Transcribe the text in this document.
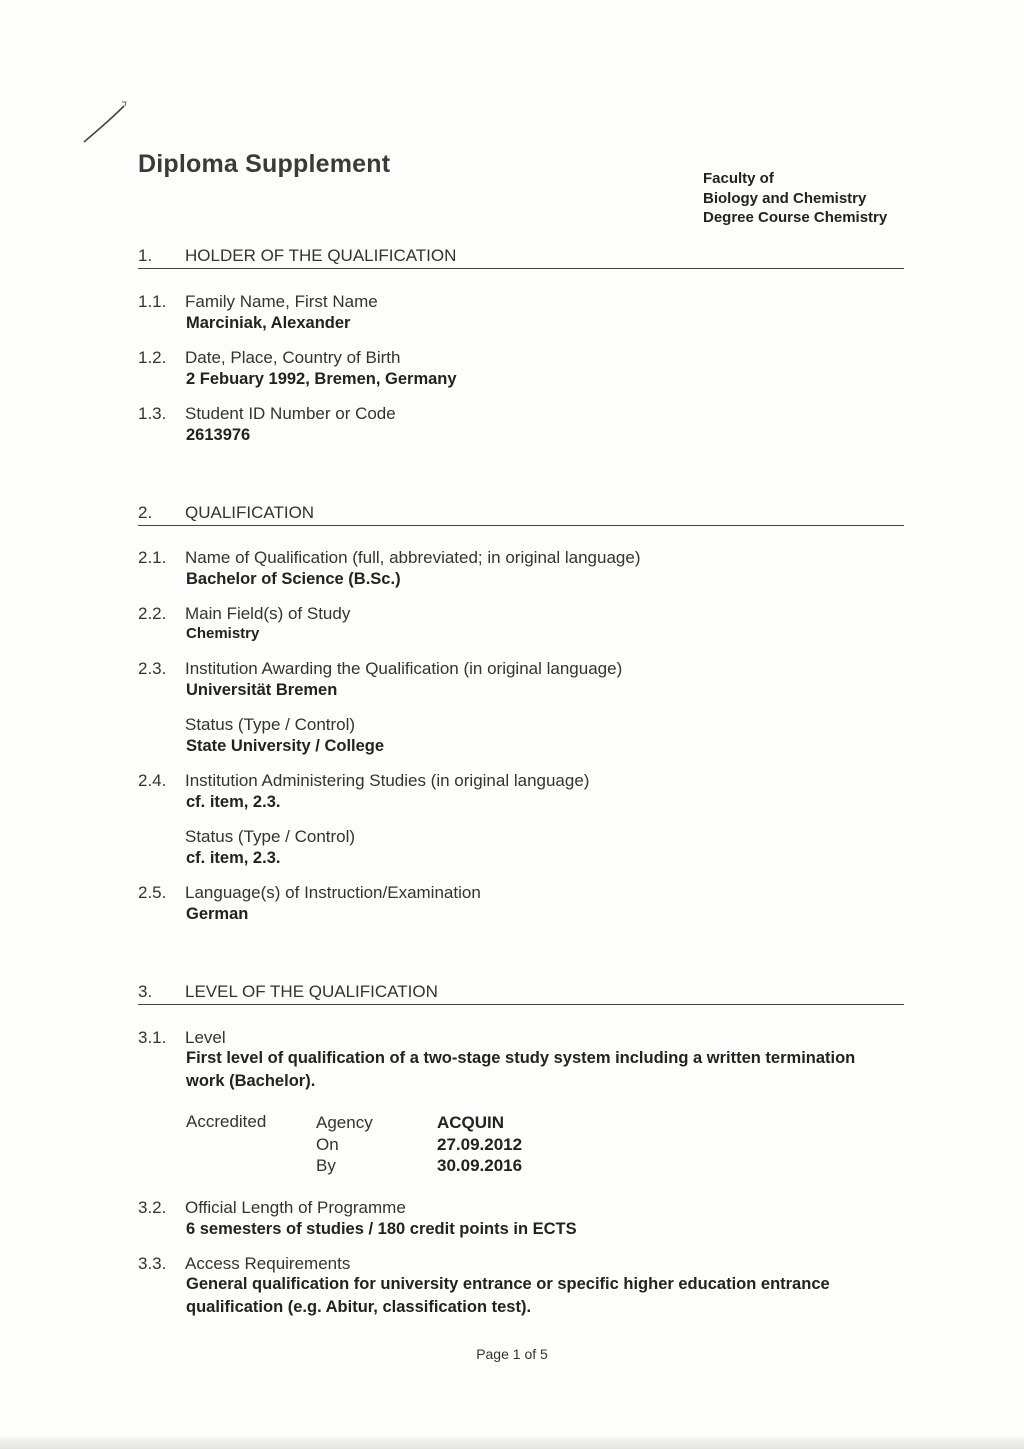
Diploma Supplement
Faculty of
Biology and Chemistry
Degree Course Chemistry
1. HOLDER OF THE QUALIFICATION
1.1. Family Name, First Name
Marciniak, Alexander
1.2. Date, Place, Country of Birth
2 Febuary 1992, Bremen, Germany
1.3. Student ID Number or Code
2613976
2. QUALIFICATION
2.1. Name of Qualification (full, abbreviated; in original language)
Bachelor of Science (B.Sc.)
2.2. Main Field(s) of Study
Chemistry
2.3. Institution Awarding the Qualification (in original language)
Universität Bremen
Status (Type / Control)
State University / College
2.4. Institution Administering Studies (in original language)
cf. item, 2.3.
Status (Type / Control)
cf. item, 2.3.
2.5. Language(s) of Instruction/Examination
German
3. LEVEL OF THE QUALIFICATION
3.1. Level
First level of qualification of a two-stage study system including a written termination work (Bachelor).
Accredited	Agency
On
By
ACQUIN
27.09.2012
30.09.2016
3.2. Official Length of Programme
6 semesters of studies / 180 credit points in ECTS
3.3. Access Requirements
General qualification for university entrance or specific higher education entrance qualification (e.g. Abitur, classification test).
Page 1 of 5
